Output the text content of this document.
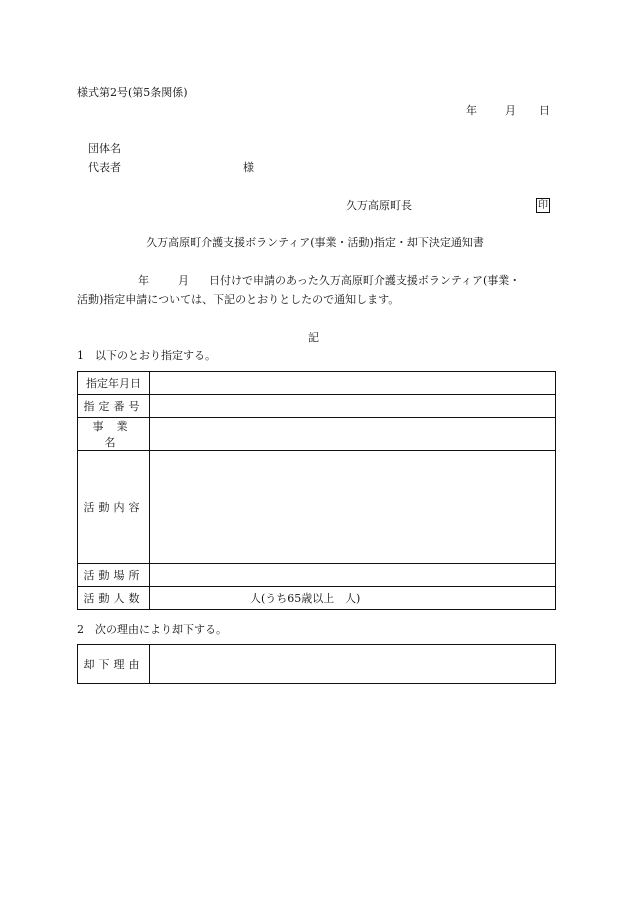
様式第2号(第5条関係)
年	月 日
団体名
代表者	様
久万高原町長	印
久万高原町介護支援ボランティア(事業・活動)指定・却下決定通知書
年	月 日付けで申請のあった久万高原町介護支援ボランティア(事業・
活動)指定申請については、下記のとおりとしたので通知します。
記
1　以下のとおり指定する。
指定年月日	
指定番号	
事業名	
活動内容	
活動場所	
活動人数	人(うち65歳以上 人)
2　次の理由により却下する。
却下理由	
